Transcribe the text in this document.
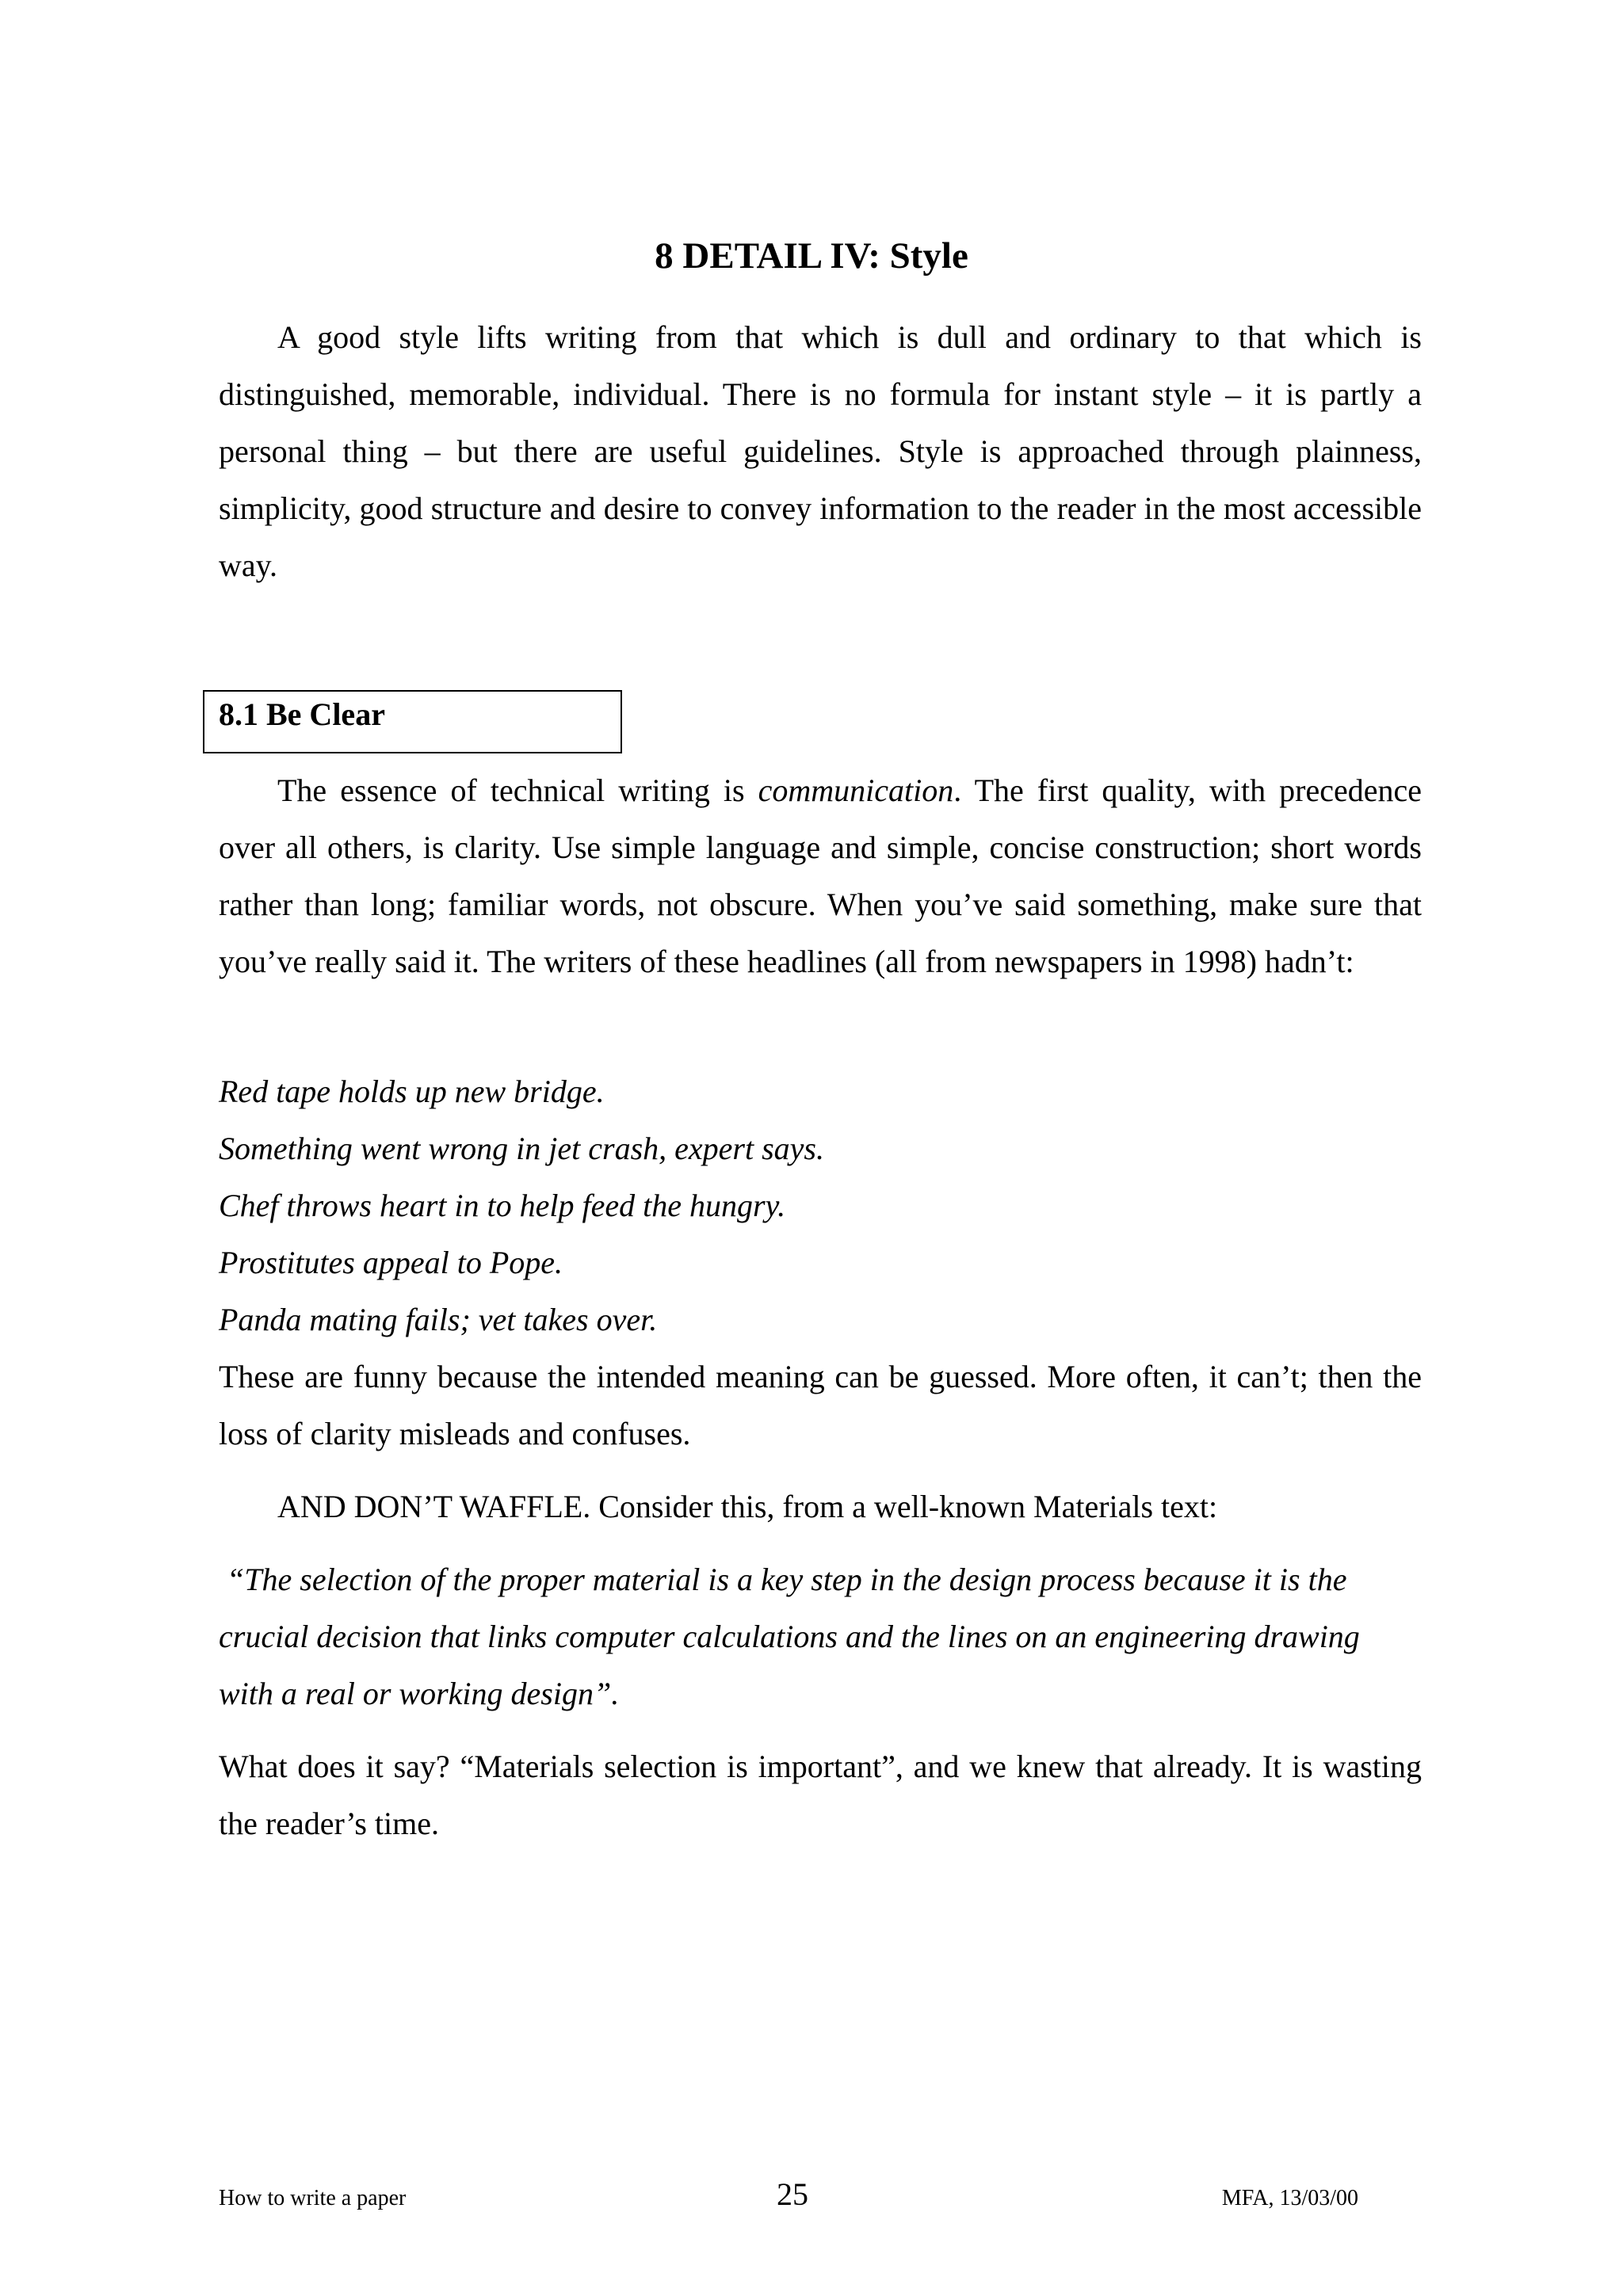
8 DETAIL IV: Style
A good style lifts writing from that which is dull and ordinary to that which is distinguished, memorable, individual. There is no formula for instant style – it is partly a personal thing – but there are useful guidelines. Style is approached through plainness, simplicity, good structure and desire to convey information to the reader in the most accessible way.
8.1 Be Clear
The essence of technical writing is communication. The first quality, with precedence over all others, is clarity. Use simple language and simple, concise construction; short words rather than long; familiar words, not obscure. When you’ve said something, make sure that you’ve really said it. The writers of these headlines (all from newspapers in 1998) hadn’t:
Red tape holds up new bridge.
Something went wrong in jet crash, expert says.
Chef throws heart in to help feed the hungry.
Prostitutes appeal to Pope.
Panda mating fails; vet takes over.
These are funny because the intended meaning can be guessed. More often, it can’t; then the loss of clarity misleads and confuses.
AND DON’T WAFFLE. Consider this, from a well-known Materials text:
“The selection of the proper material is a key step in the design process because it is the crucial decision that links computer calculations and the lines on an engineering drawing with a real or working design”.
What does it say? “Materials selection is important”, and we knew that already. It is wasting the reader’s time.
How to write a paper	25	MFA, 13/03/00
